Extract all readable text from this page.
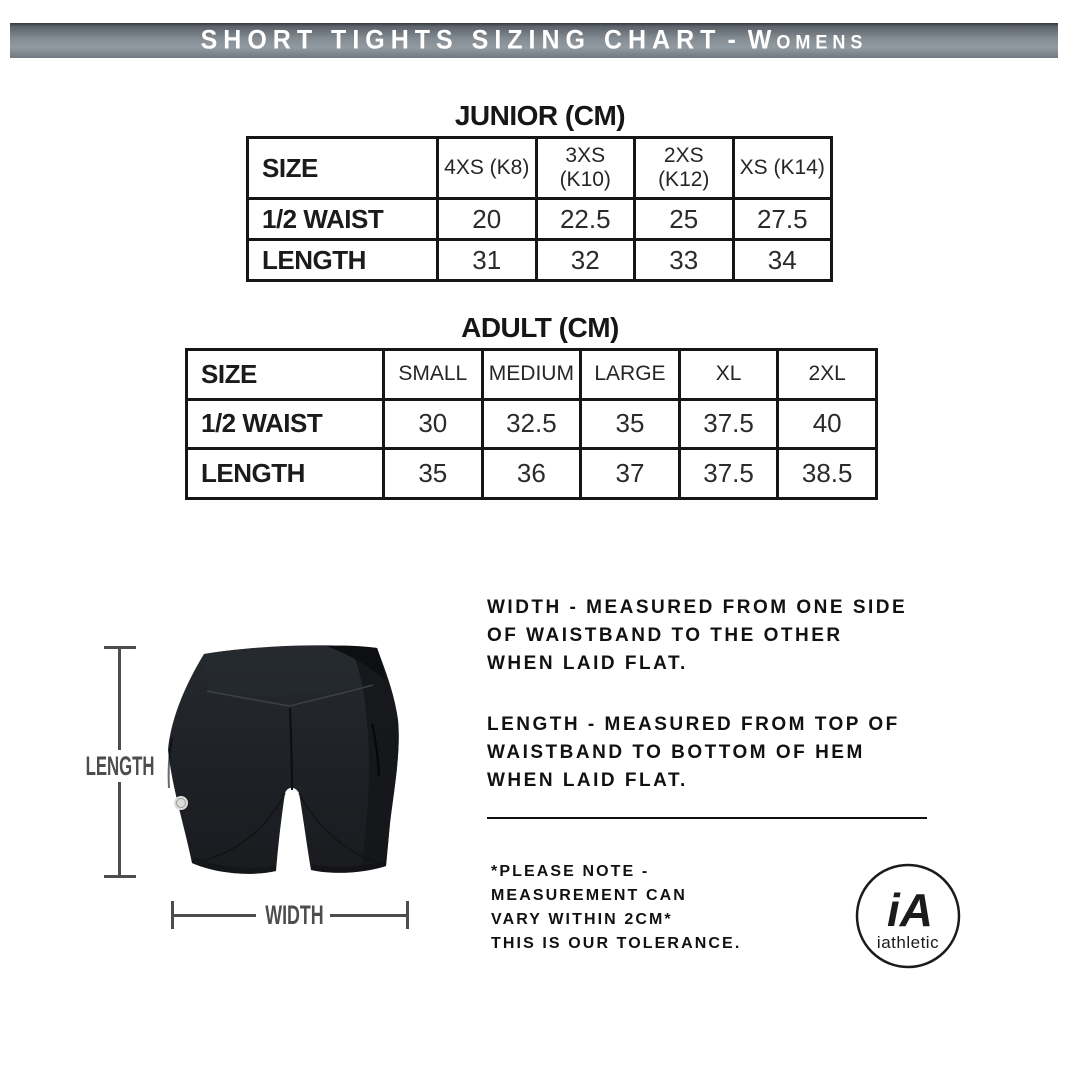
SHORT TIGHTS SIZING CHART - Womens
JUNIOR (CM)
SIZE	4XS (K8)	3XS (K10)	2XS (K12)	XS (K14)
1/2 WAIST	20	22.5	25	27.5
LENGTH	31	32	33	34
ADULT (CM)
SIZE	SMALL	MEDIUM	LARGE	XL	2XL
1/2 WAIST	30	32.5	35	37.5	40
LENGTH	35	36	37	37.5	38.5
LENGTH
WIDTH
WIDTH - MEASURED FROM ONE SIDE
OF WAISTBAND TO THE OTHER
WHEN LAID FLAT.
LENGTH - MEASURED FROM TOP OF
WAISTBAND TO BOTTOM OF HEM
WHEN LAID FLAT.
*PLEASE NOTE -
MEASUREMENT CAN
VARY WITHIN 2CM*
THIS IS OUR TOLERANCE.
iA
iathletic
